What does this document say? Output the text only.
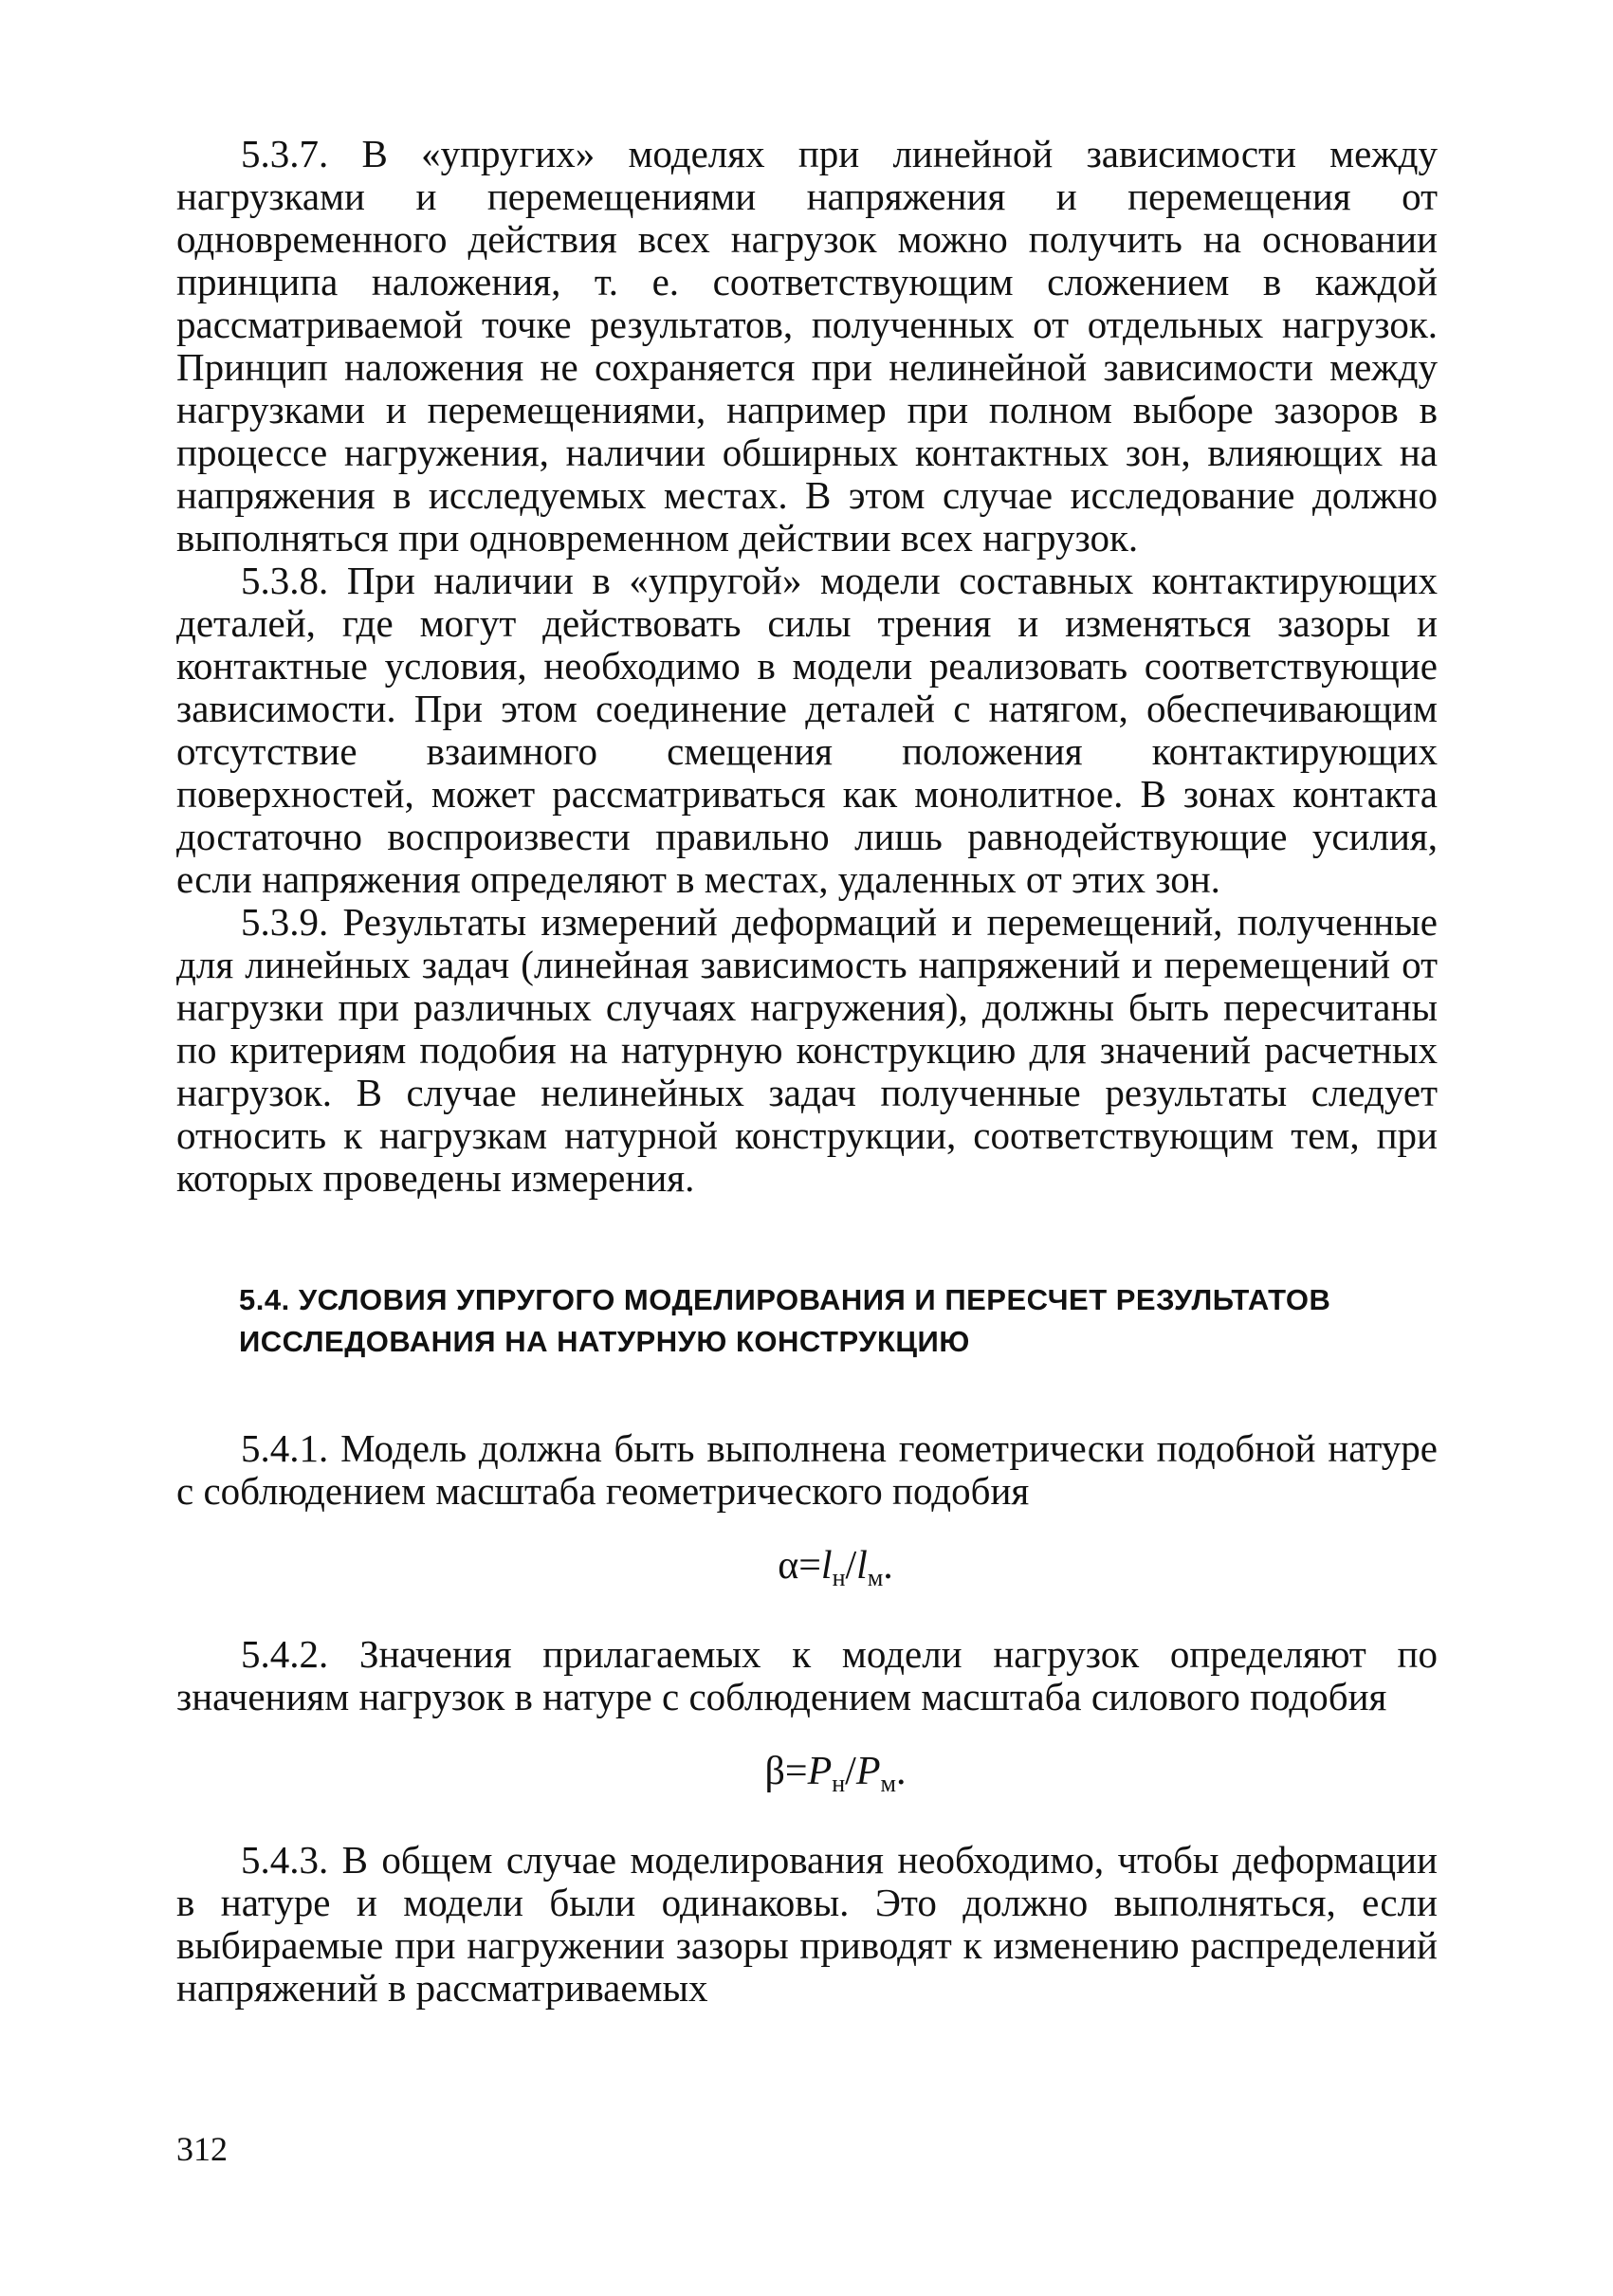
5.3.7. В «упругих» моделях при линейной зависимости между нагрузками и перемещениями напряжения и перемещения от одновременного действия всех нагрузок можно получить на основании принципа наложения, т. е. соответствующим сложением в каждой рассматриваемой точке результатов, полученных от отдельных нагрузок. Принцип наложения не сохраняется при нелинейной зависимости между нагрузками и перемещениями, например при полном выборе зазоров в процессе нагружения, наличии обширных контактных зон, влияющих на напряжения в исследуемых местах. В этом случае исследование должно выполняться при одновременном действии всех нагрузок.

5.3.8. При наличии в «упругой» модели составных контактирующих деталей, где могут действовать силы трения и изменяться зазоры и контактные условия, необходимо в модели реализовать соответствующие зависимости. При этом соединение деталей с натягом, обеспечивающим отсутствие взаимного смещения положения контактирующих поверхностей, может рассматриваться как монолитное. В зонах контакта достаточно воспроизвести правильно лишь равнодействующие усилия, если напряжения определяют в местах, удаленных от этих зон.

5.3.9. Результаты измерений деформаций и перемещений, полученные для линейных задач (линейная зависимость напряжений и перемещений от нагрузки при различных случаях нагружения), должны быть пересчитаны по критериям подобия на натурную конструкцию для значений расчетных нагрузок. В случае нелинейных задач полученные результаты следует относить к нагрузкам натурной конструкции, соответствующим тем, при которых проведены измерения.

5.4. УСЛОВИЯ УПРУГОГО МОДЕЛИРОВАНИЯ И ПЕРЕСЧЕТ РЕЗУЛЬТАТОВ ИССЛЕДОВАНИЯ НА НАТУРНУЮ КОНСТРУКЦИЮ

5.4.1. Модель должна быть выполнена геометрически подобной натуре с соблюдением масштаба геометрического подобия

$\alpha=l_н/l_м$.

5.4.2. Значения прилагаемых к модели нагрузок определяют по значениям нагрузок в натуре с соблюдением масштаба силового подобия

$\beta=P_н/P_м$.

5.4.3. В общем случае моделирования необходимо, чтобы деформации в натуре и модели были одинаковы. Это должно выполняться, если выбираемые при нагружении зазоры приводят к изменению распределений напряжений в рассматриваемых

312
